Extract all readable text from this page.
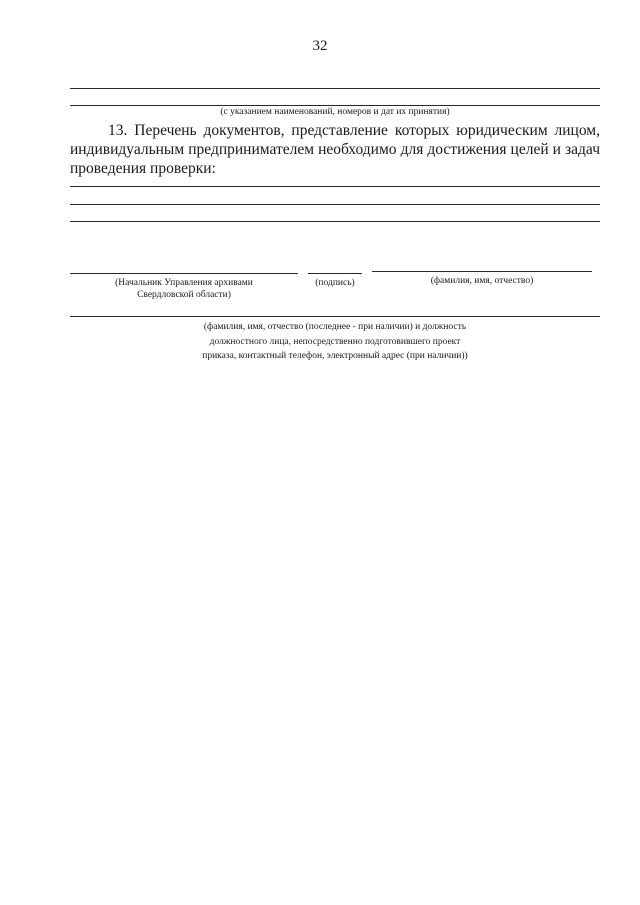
32
(с указанием наименований, номеров и дат их принятия)
13. Перечень документов, представление которых юридическим лицом,
индивидуальным предпринимателем необходимо для достижения целей и задач
проведения проверки:
(Начальник Управления архивами
Свердловской области)
(подпись)	(фамилия, имя, отчество)
(фамилия, имя, отчество (последнее - при наличии) и должность
должностного лица, непосредственно подготовившего проект
приказа, контактный телефон, электронный адрес (при наличии))
